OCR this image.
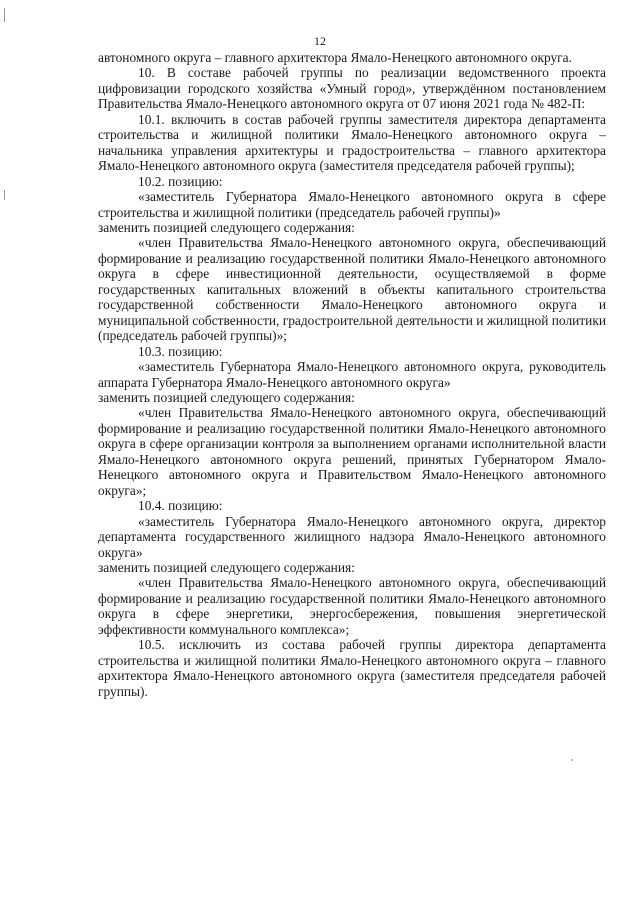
12

автономного округа – главного архитектора Ямало-Ненецкого автономного округа.

10. В составе рабочей группы по реализации ведомственного проекта цифровизации городского хозяйства «Умный город», утверждённом постановлением Правительства Ямало-Ненецкого автономного округа от 07 июня 2021 года № 482-П:

10.1. включить в состав рабочей группы заместителя директора департамента строительства и жилищной политики Ямало-Ненецкого автономного округа – начальника управления архитектуры и градостроительства – главного архитектора Ямало-Ненецкого автономного округа (заместителя председателя рабочей группы);

10.2. позицию:

«заместитель Губернатора Ямало-Ненецкого автономного округа в сфере строительства и жилищной политики (председатель рабочей группы)»

заменить позицией следующего содержания:

«член Правительства Ямало-Ненецкого автономного округа, обеспечивающий формирование и реализацию государственной политики Ямало-Ненецкого автономного округа в сфере инвестиционной деятельности, осуществляемой в форме государственных капитальных вложений в объекты капитального строительства государственной собственности Ямало-Ненецкого автономного округа и муниципальной собственности, градостроительной деятельности и жилищной политики (председатель рабочей группы)»;

10.3. позицию:

«заместитель Губернатора Ямало-Ненецкого автономного округа, руководитель аппарата Губернатора Ямало-Ненецкого автономного округа»

заменить позицией следующего содержания:

«член Правительства Ямало-Ненецкого автономного округа, обеспечивающий формирование и реализацию государственной политики Ямало-Ненецкого автономного округа в сфере организации контроля за выполнением органами исполнительной власти Ямало-Ненецкого автономного округа решений, принятых Губернатором Ямало-Ненецкого автономного округа и Правительством Ямало-Ненецкого автономного округа»;

10.4. позицию:

«заместитель Губернатора Ямало-Ненецкого автономного округа, директор департамента государственного жилищного надзора Ямало-Ненецкого автономного округа»

заменить позицией следующего содержания:

«член Правительства Ямало-Ненецкого автономного округа, обеспечивающий формирование и реализацию государственной политики Ямало-Ненецкого автономного округа в сфере энергетики, энергосбережения, повышения энергетической эффективности коммунального комплекса»;

10.5. исключить из состава рабочей группы директора департамента строительства и жилищной политики Ямало-Ненецкого автономного округа – главного архитектора Ямало-Ненецкого автономного округа (заместителя председателя рабочей группы).
